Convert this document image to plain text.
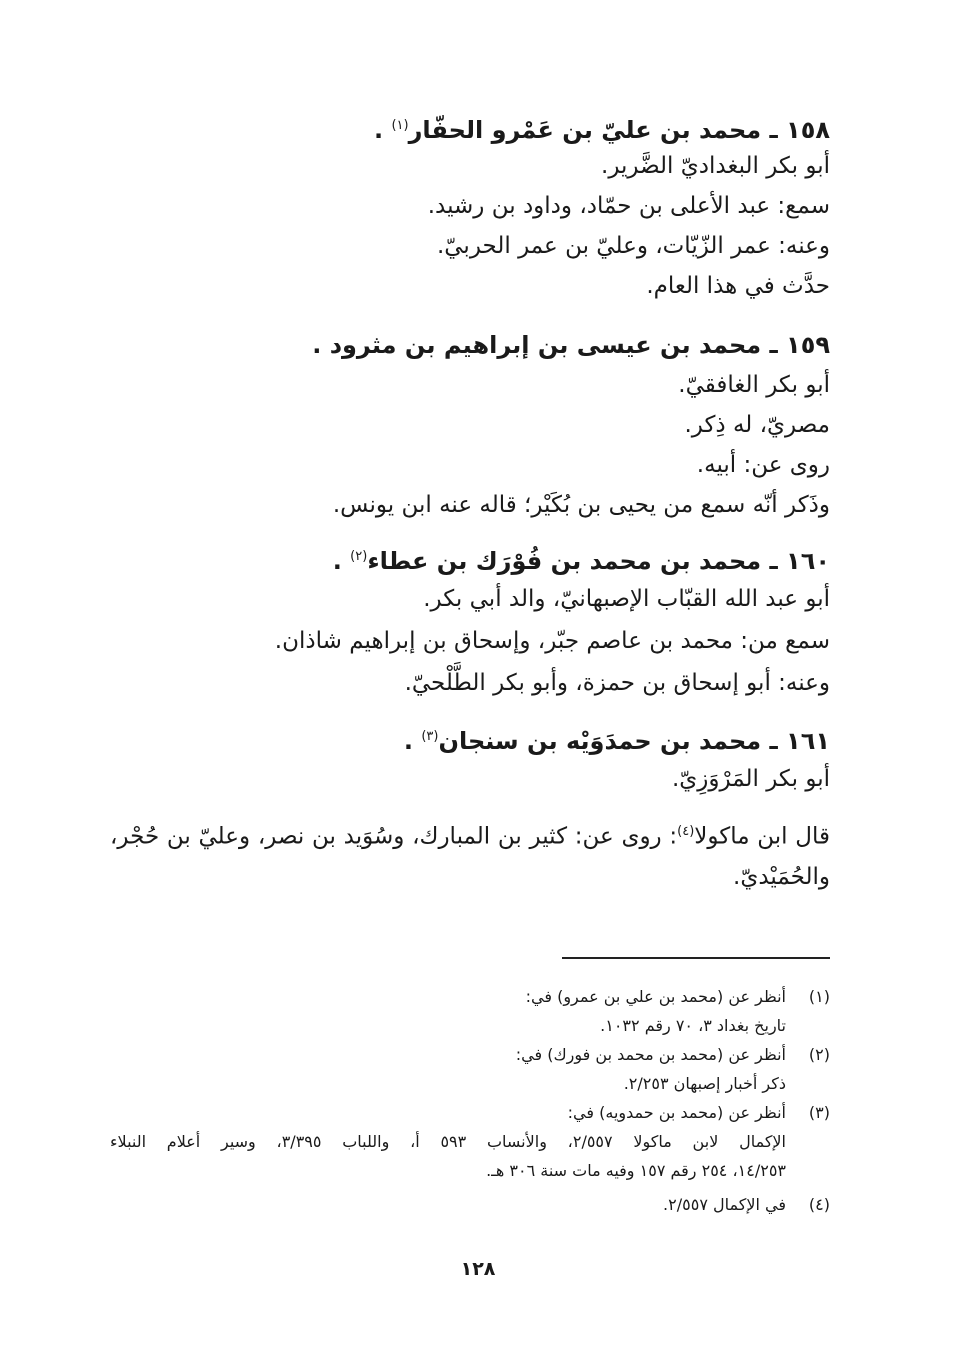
١٥٨ ـ محمد بن عليّ بن عَمْرو الحفّار$^{(١)}$ .
أبو بكر البغداديّ الضَّرير.
سمع: عبد الأعلى بن حمّاد، وداود بن رشيد.
وعنه: عمر الزّيّات، وعليّ بن عمر الحربيّ.
حدَّث في هذا العام.
١٥٩ ـ محمد بن عيسى بن إبراهيم بن مثرود .
أبو بكر الغافقيّ.
مصريّ، له ذِكر.
روى عن: أبيه.
وذَكر أنّه سمع من يحيى بن بُكَيْر؛ قاله عنه ابن يونس.
١٦٠ ـ محمد بن محمد بن فُوْرَك بن عطاء$^{(٢)}$ .
أبو عبد الله القبّاب الإصبهانيّ، والد أبي بكر.
سمع من: محمد بن عاصم جبّر، وإسحاق بن إبراهيم شاذان.
وعنه: أبو إسحاق بن حمزة، وأبو بكر الطَّلْحيّ.
١٦١ ـ محمد بن حمدَوَيْه بن سنجان$^{(٣)}$ .
أبو بكر المَرْوَزِيّ.
قال ابن ماكولا$^{(٤)}$: روى عن: كثير بن المبارك، وسُوَيد بن نصر، وعليّ بن حُجْر، والحُمَيْديّ.
(١)
أنظر عن (محمد بن علي بن عمرو) في:
تاريخ بغداد ٣، ٧٠ رقم ١٠٣٢.
(٢)
أنظر عن (محمد بن محمد بن فورك) في:
ذكر أخبار إصبهان ٢/٢٥٣.
(٣)
أنظر عن (محمد بن حمدويه) في:
الإكمال لابن ماكولا ٢/٥٥٧، والأنساب ٥٩٣ أ، واللباب ٣/٣٩٥، وسير أعلام النبلاء
١٤/٢٥٣، ٢٥٤ رقم ١٥٧ وفيه مات سنة ٣٠٦ هـ.
(٤)
في الإكمال ٢/٥٥٧.
١٢٨
